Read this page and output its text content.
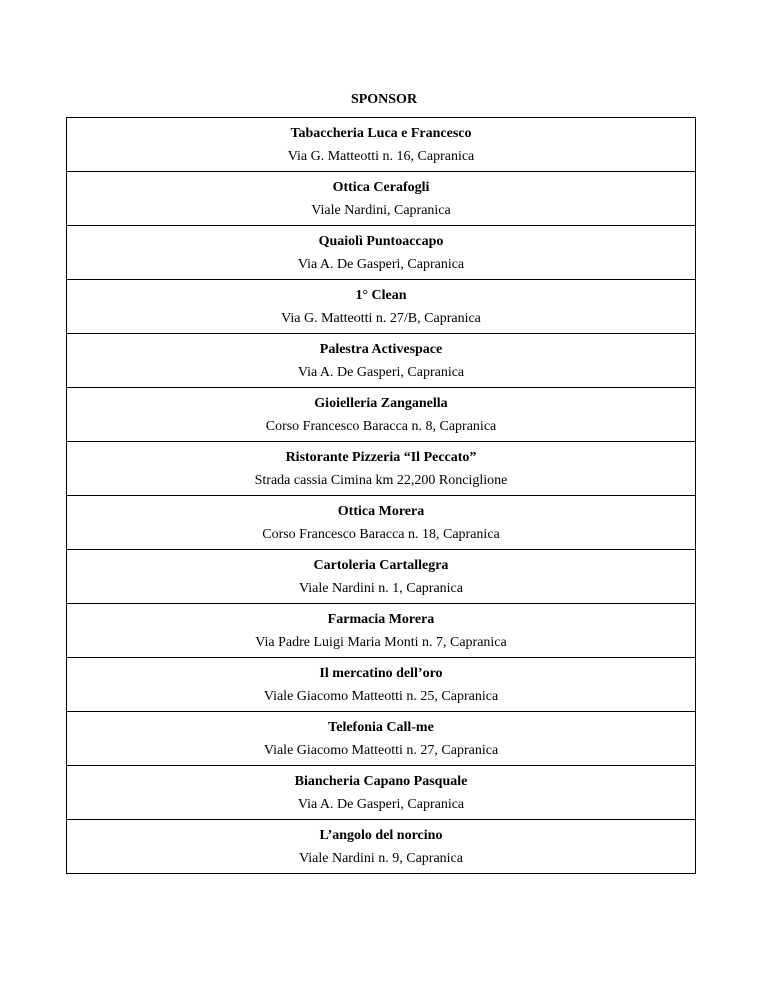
SPONSOR
Tabaccheria Luca e Francesco
Via G. Matteotti n. 16, Capranica
Ottica Cerafogli
Viale Nardini, Capranica
Quaiolì Puntoaccapo
Via A. De Gasperi, Capranica
1° Clean
Via G. Matteotti n. 27/B, Capranica
Palestra Activespace
Via A. De Gasperi, Capranica
Gioielleria Zanganella
Corso Francesco Baracca n. 8, Capranica
Ristorante Pizzeria “Il Peccato”
Strada cassia Cimina km 22,200 Ronciglione
Ottica Morera
Corso Francesco Baracca n. 18, Capranica
Cartoleria Cartallegra
Viale Nardini n. 1, Capranica
Farmacia Morera
Via Padre Luigi Maria Monti n. 7, Capranica
Il mercatino dell’oro
Viale Giacomo Matteotti n. 25, Capranica
Telefonia Call-me
Viale Giacomo Matteotti n. 27, Capranica
Biancheria Capano Pasquale
Via A. De Gasperi, Capranica
L’angolo del norcino
Viale Nardini n. 9, Capranica
